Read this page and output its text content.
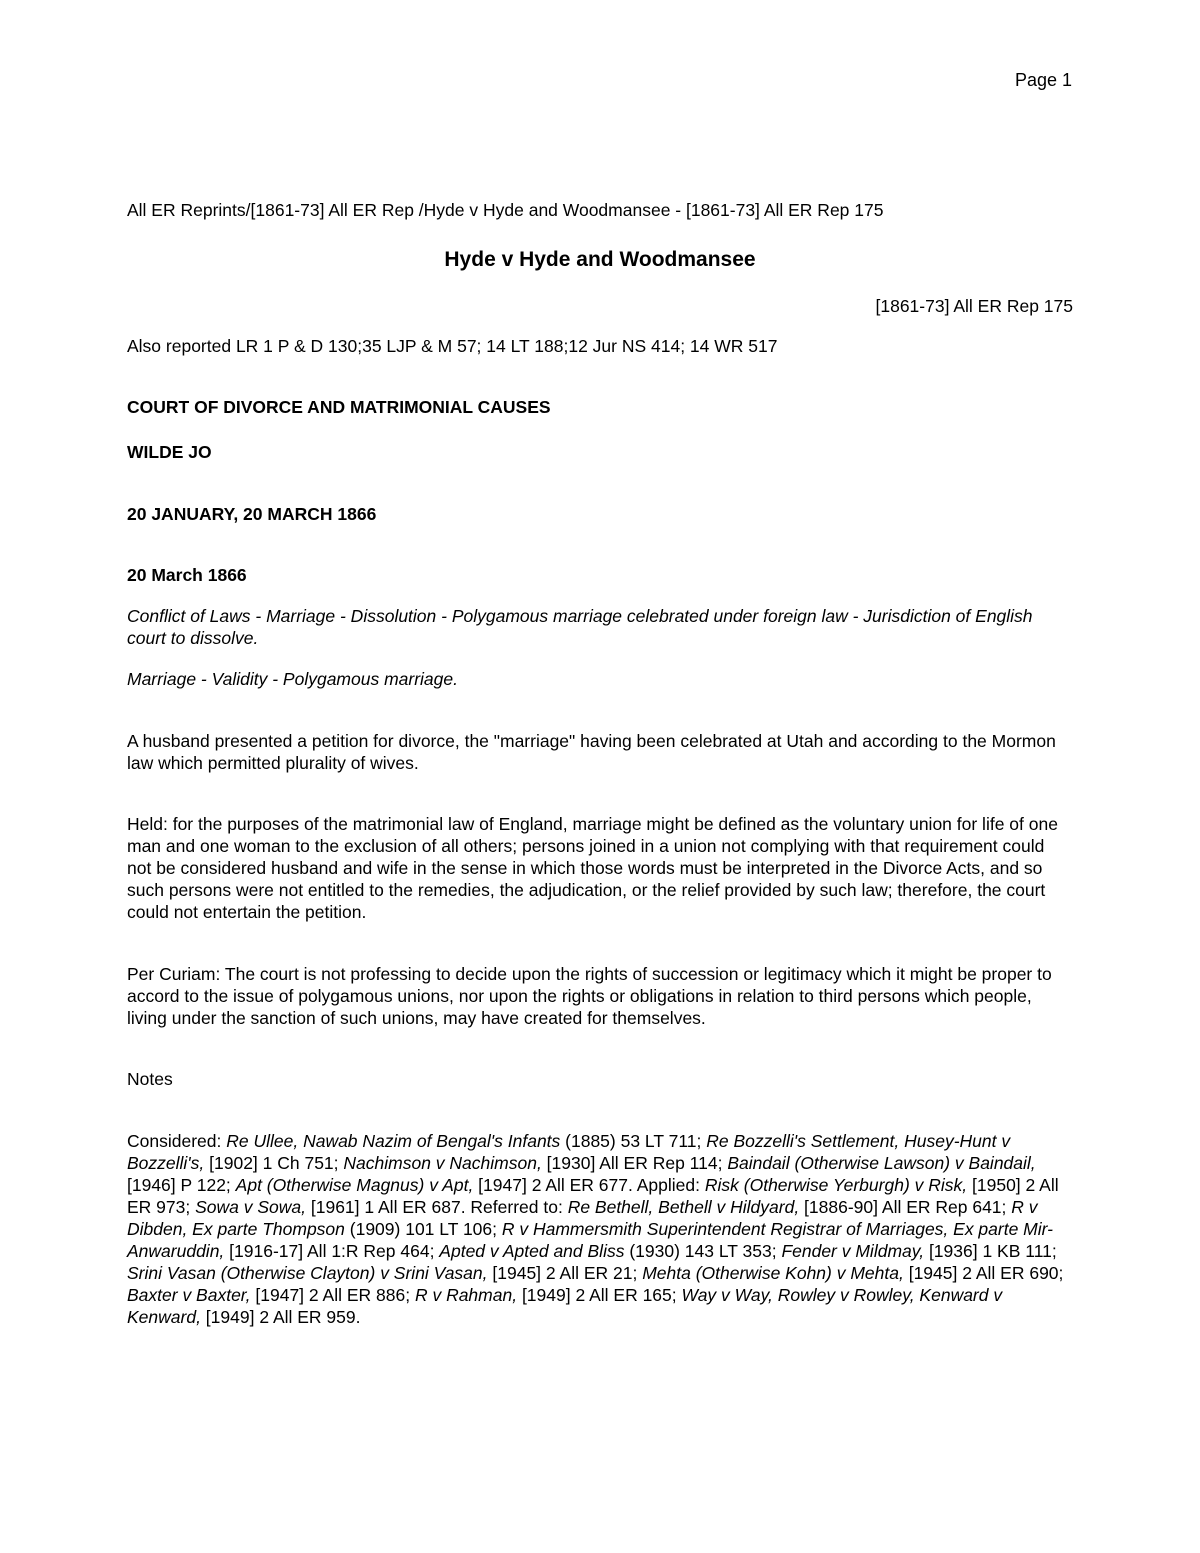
Page 1

All ER Reprints/[1861-73] All ER Rep /Hyde v Hyde and Woodmansee - [1861-73] All ER Rep 175

Hyde v Hyde and Woodmansee

[1861-73] All ER Rep 175

Also reported LR 1 P & D 130;35 LJP & M 57; 14 LT 188;12 Jur NS 414; 14 WR 517

COURT OF DIVORCE AND MATRIMONIAL CAUSES

WILDE JO

20 JANUARY, 20 MARCH 1866

20 March 1866

Conflict of Laws - Marriage - Dissolution - Polygamous marriage celebrated under foreign law - Jurisdiction of English court to dissolve.

Marriage - Validity - Polygamous marriage.

A husband presented a petition for divorce, the "marriage" having been celebrated at Utah and according to the Mormon law which permitted plurality of wives.

Held: for the purposes of the matrimonial law of England, marriage might be defined as the voluntary union for life of one man and one woman to the exclusion of all others; persons joined in a union not complying with that requirement could not be considered husband and wife in the sense in which those words must be interpreted in the Divorce Acts, and so such persons were not entitled to the remedies, the adjudication, or the relief provided by such law; therefore, the court could not entertain the petition.

Per Curiam: The court is not professing to decide upon the rights of succession or legitimacy which it might be proper to accord to the issue of polygamous unions, nor upon the rights or obligations in relation to third persons which people, living under the sanction of such unions, may have created for themselves.

Notes

Considered: Re Ullee, Nawab Nazim of Bengal's Infants (1885) 53 LT 711; Re Bozzelli's Settlement, Husey-Hunt v Bozzelli's, [1902] 1 Ch 751; Nachimson v Nachimson, [1930] All ER Rep 114; Baindail (Otherwise Lawson) v Baindail, [1946] P 122; Apt (Otherwise Magnus) v Apt, [1947] 2 All ER 677. Applied: Risk (Otherwise Yerburgh) v Risk, [1950] 2 All ER 973; Sowa v Sowa, [1961] 1 All ER 687. Referred to: Re Bethell, Bethell v Hildyard, [1886-90] All ER Rep 641; R v Dibden, Ex parte Thompson (1909) 101 LT 106; R v Hammersmith Superintendent Registrar of Marriages, Ex parte Mir-Anwaruddin, [1916-17] All 1:R Rep 464; Apted v Apted and Bliss (1930) 143 LT 353; Fender v Mildmay, [1936] 1 KB 111; Srini Vasan (Otherwise Clayton) v Srini Vasan, [1945] 2 All ER 21; Mehta (Otherwise Kohn) v Mehta, [1945] 2 All ER 690; Baxter v Baxter, [1947] 2 All ER 886; R v Rahman, [1949] 2 All ER 165; Way v Way, Rowley v Rowley, Kenward v Kenward, [1949] 2 All ER 959.
